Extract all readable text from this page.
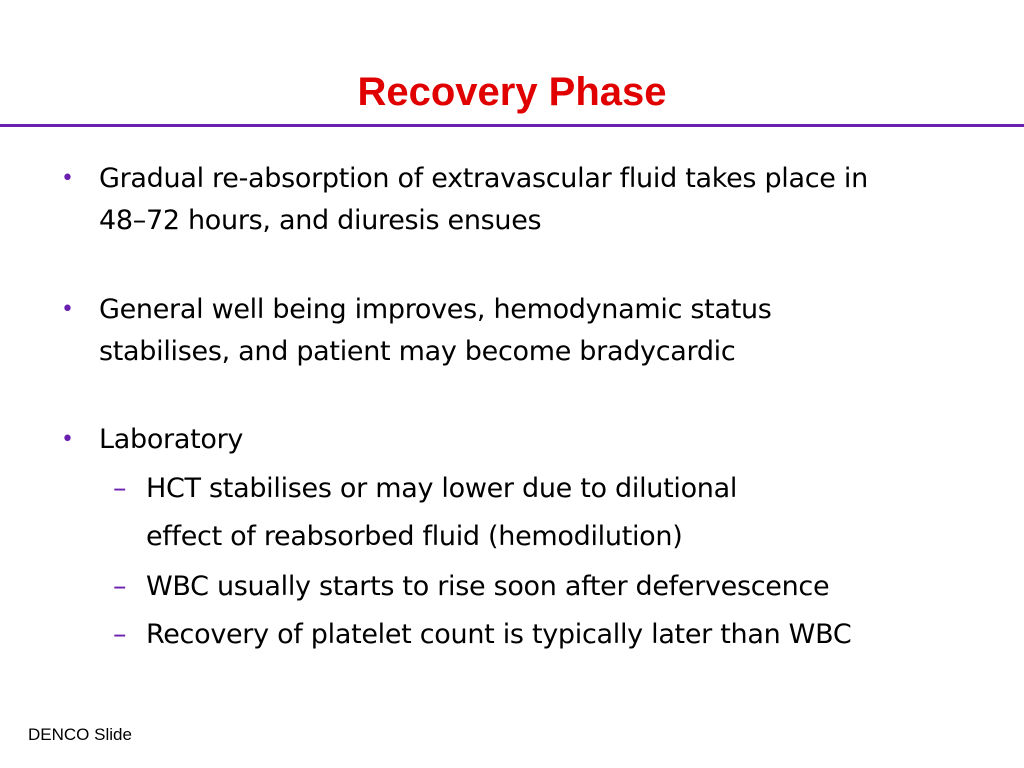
Recovery Phase
• Gradual re-absorption of extravascular fluid takes place in
48–72 hours, and diuresis ensues
• General well being improves, hemodynamic status
stabilises, and patient may become bradycardic
• Laboratory
– HCT stabilises or may lower due to dilutional
effect of reabsorbed fluid (hemodilution)
– WBC usually starts to rise soon after defervescence
– Recovery of platelet count is typically later than WBC
DENCO Slide
